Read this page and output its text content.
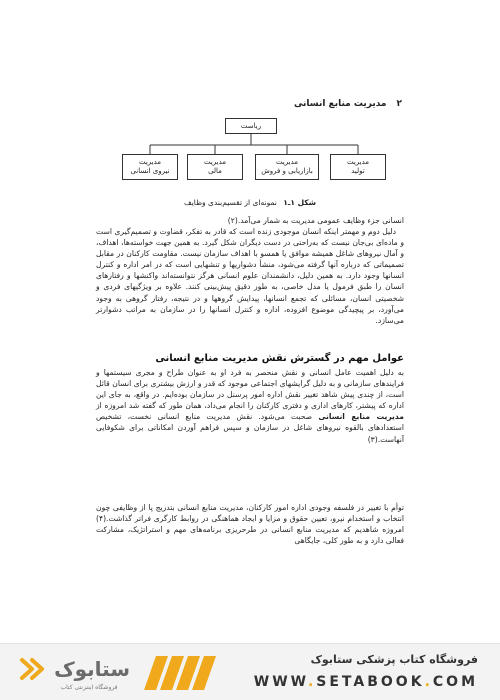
۲
مدیریت منابع انسانی
ریاست
مدیریت
نیروی انسانی
مدیریت
مالی
مدیریت
بازاریابی و فروش
مدیریت
تولید
شکل ۱ـ۱ نمونه‌ای از تقسیم‌بندی وظایف

انسانی جزء وظایف عمومی مدیریت به شمار می‌آمد.(۲)

دلیل دوم و مهمتر اینکه انسان موجودی زنده است که قادر به تفکر، قضاوت و تصمیم‌گیری است و ماده‌ای بی‌جان نیست که به‌راحتی در دست دیگران شکل گیرد. به همین جهت خواسته‌ها، اهداف، و آمال نیروهای شاغل همیشه موافق یا همسو با اهداف سازمان نیست. مقاومت کارکنان در مقابل تصمیماتی که درباره آنها گرفته می‌شود، منشأ دشواریها و تنشهایی است که در امر اداره و کنترل انسانها وجود دارد. به همین دلیل، دانشمندان علوم انسانی هرگز نتوانسته‌اند واکنشها و رفتارهای انسان را طبق فرمول یا مدل خاصی، به طور دقیق پیش‌بینی کنند. علاوه بر ویژگیهای فردی و شخصیتی انسان، مسائلی که تجمع انسانها، پیدایش گروهها و در نتیجه، رفتار گروهی به وجود می‌آورد، بر پیچیدگی موضوع افزوده، اداره و کنترل انسانها را در سازمان به مراتب دشوارتر می‌سازد.

عوامل مهم در گسترش نقش مدیریت منابع انسانی

به دلیل اهمیت عامل انسانی و نقش منحصر به فرد او به عنوان طراح و مجری سیستمها و فرایندهای سازمانی و به دلیل گرایشهای اجتماعی موجود که قدر و ارزش بیشتری برای انسان قائل است، از چندی پیش شاهد تغییر نقش اداره امور پرسنل در سازمان بوده‌ایم. در واقع، به جای این اداره که پیشتر، کارهای اداری و دفتری کارکنان را انجام می‌داد، همان طور که گفته شد امروزه از مدیریت منابع انسانی صحبت می‌شود. نقش مدیریت منابع انسانی نخست، تشخیص استعدادهای بالقوه نیروهای شاغل در سازمان و سپس فراهم آوردن امکاناتی برای شکوفایی آنهاست.(۳)

توأم با تغییر در فلسفه وجودی اداره امور کارکنان، مدیریت منابع انسانی بتدریج پا از وظایفی چون انتخاب و استخدام نیرو، تعیین حقوق و مزایا و ایجاد هماهنگی در روابط کارگری فراتر گذاشت.(۴) امروزه شاهدیم که مدیریت منابع انسانی در طرحریزی برنامه‌های مهم و استراتژیک، مشارکت فعالی دارد و به طور کلی، جایگاهی

ستابوک
فروشگاه اینترنتی کتاب
فروشگاه کتاب پزشکی ستابوک
WWW.SETABOOK.COM
